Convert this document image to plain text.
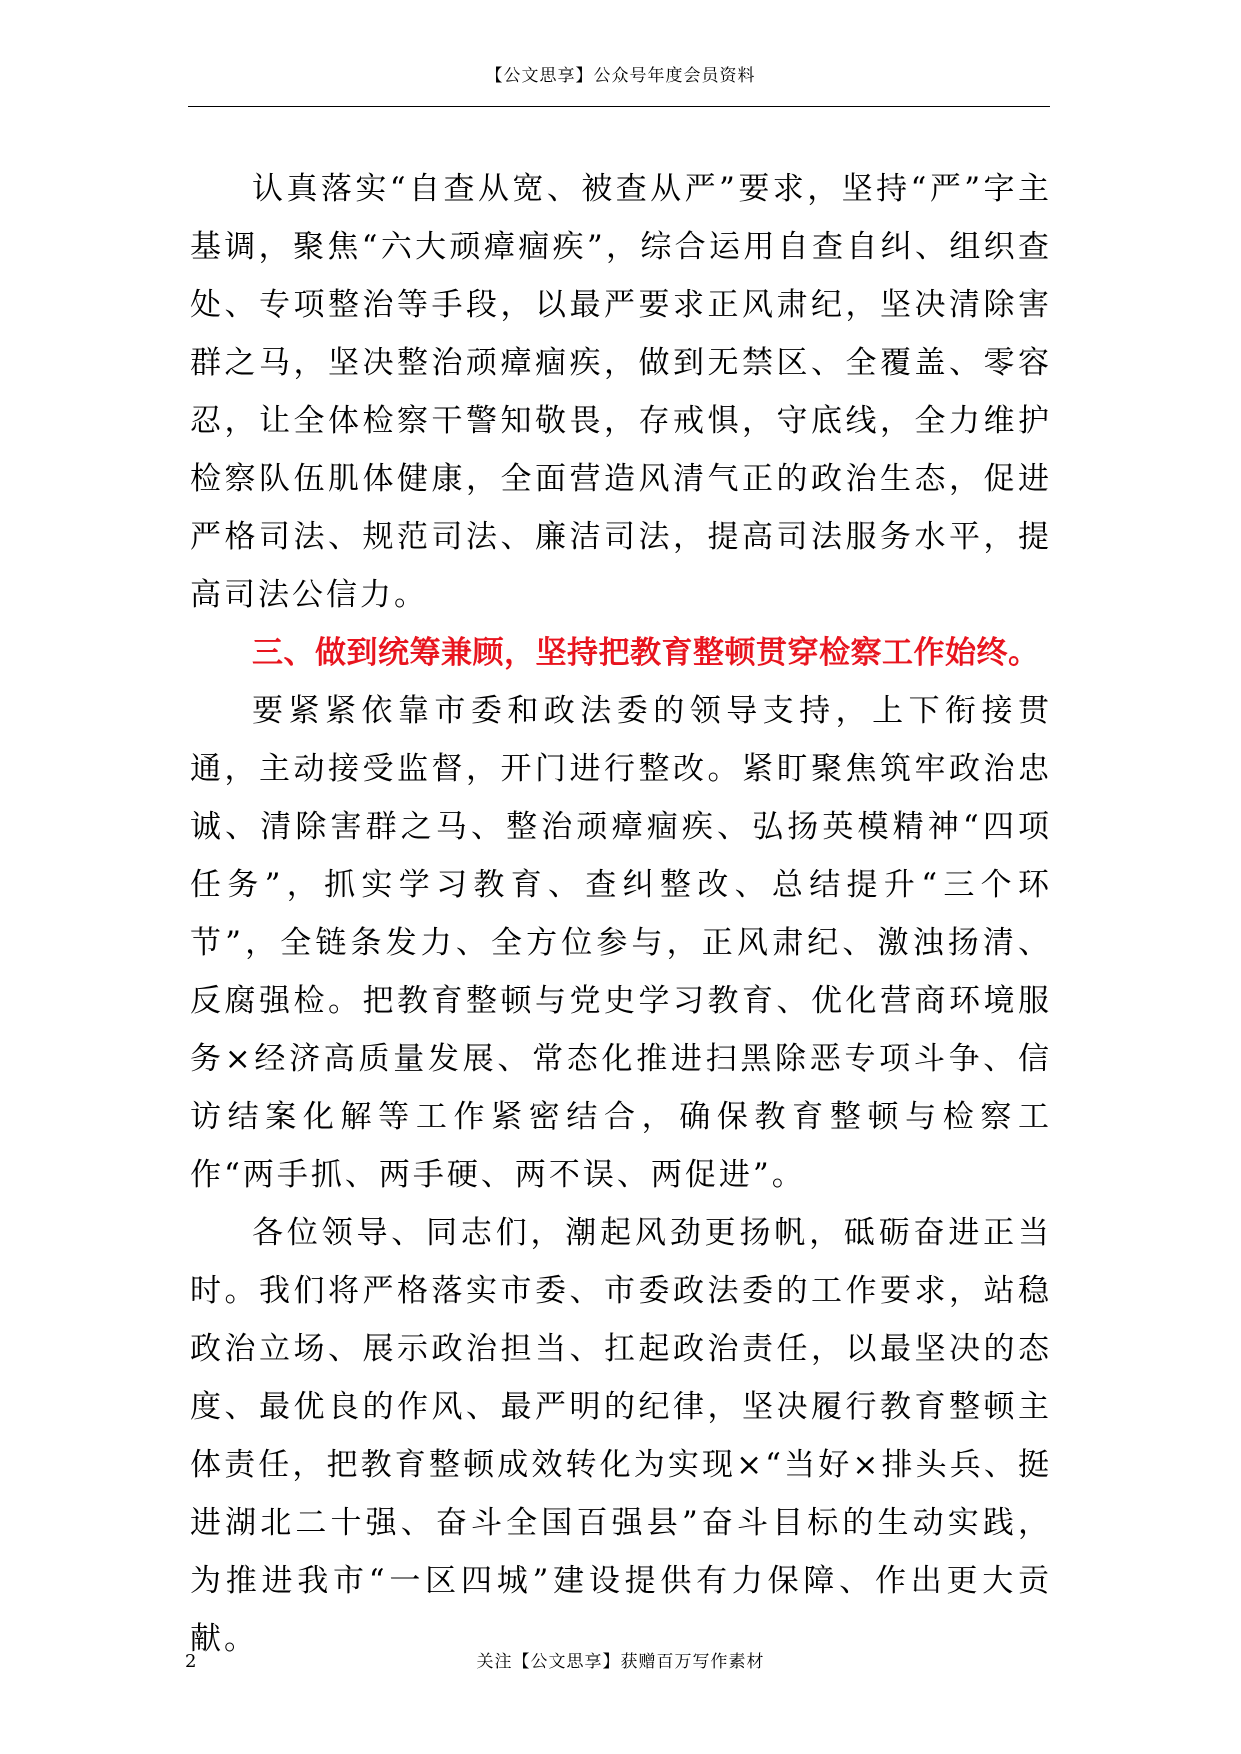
【公文思享】公众号年度会员资料

认真落实“自查从宽、被查从严”要求，坚持“严”字主基调，聚焦“六大顽瘴痼疾”，综合运用自查自纠、组织查处、专项整治等手段，以最严要求正风肃纪，坚决清除害群之马，坚决整治顽瘴痼疾，做到无禁区、全覆盖、零容忍，让全体检察干警知敬畏，存戒惧，守底线，全力维护检察队伍肌体健康，全面营造风清气正的政治生态，促进严格司法、规范司法、廉洁司法，提高司法服务水平，提高司法公信力。

三、做到统筹兼顾，坚持把教育整顿贯穿检察工作始终。

要紧紧依靠市委和政法委的领导支持，上下衔接贯通，主动接受监督，开门进行整改。紧盯聚焦筑牢政治忠诚、清除害群之马、整治顽瘴痼疾、弘扬英模精神“四项任务”，抓实学习教育、查纠整改、总结提升“三个环节”，全链条发力、全方位参与，正风肃纪、激浊扬清、反腐强检。把教育整顿与党史学习教育、优化营商环境服务×经济高质量发展、常态化推进扫黑除恶专项斗争、信访结案化解等工作紧密结合，确保教育整顿与检察工作“两手抓、两手硬、两不误、两促进”。

各位领导、同志们，潮起风劲更扬帆，砥砺奋进正当时。我们将严格落实市委、市委政法委的工作要求，站稳政治立场、展示政治担当、扛起政治责任，以最坚决的态度、最优良的作风、最严明的纪律，坚决履行教育整顿主体责任，把教育整顿成效转化为实现×“当好×排头兵、挺进湖北二十强、奋斗全国百强县”奋斗目标的生动实践，为推进我市“一区四城”建设提供有力保障、作出更大贡献。

2	关注【公文思享】获赠百万写作素材
